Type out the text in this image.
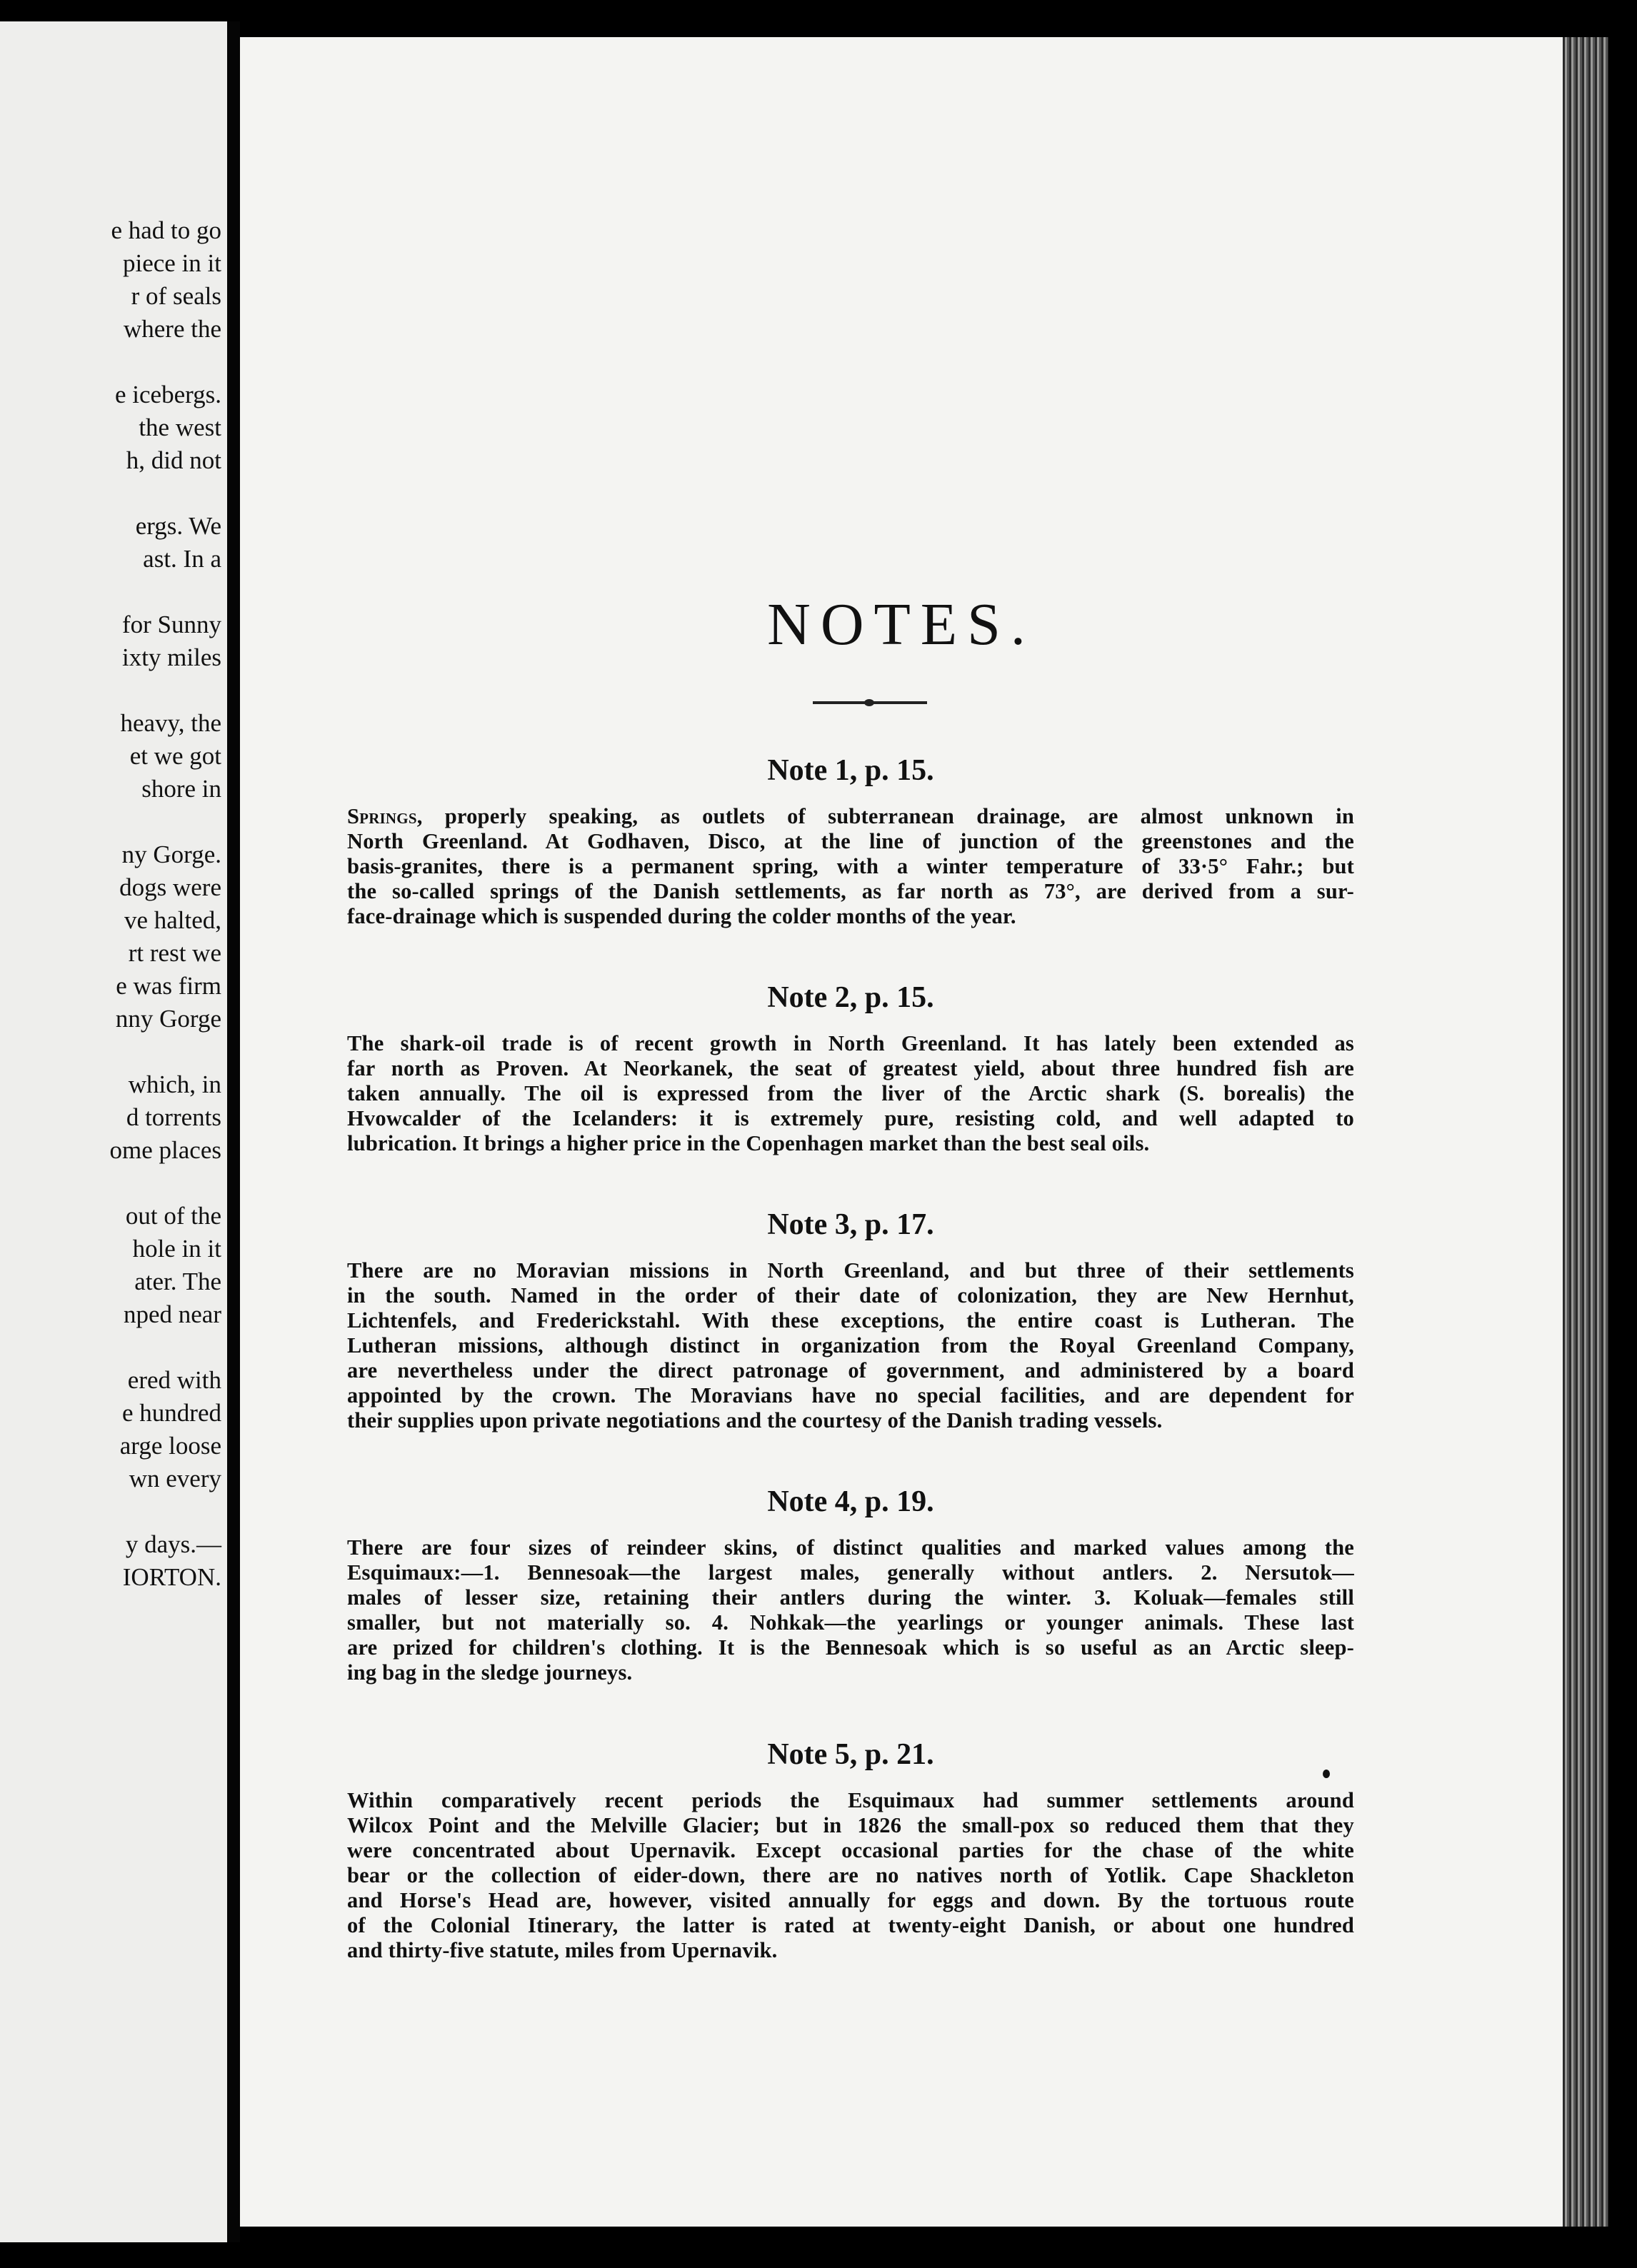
e had to go
piece in it
r of seals
where the
e icebergs.
the west
h, did not
ergs. We
ast. In a
for Sunny
ixty miles
heavy, the
et we got
shore in
ny Gorge.
dogs were
ve halted,
rt rest we
e was firm
nny Gorge
which, in
d torrents
ome places
out of the
hole in it
ater. The
nped near
ered with
e hundred
arge loose
wn every
y days.—
IORTON.
NOTES.
Note 1, p. 15.

Springs, properly speaking, as outlets of subterranean drainage, are almost unknown in
North Greenland. At Godhaven, Disco, at the line of junction of the greenstones and the
basis-granites, there is a permanent spring, with a winter temperature of 33·5° Fahr.; but
the so-called springs of the Danish settlements, as far north as 73°, are derived from a sur-
face-drainage which is suspended during the colder months of the year.

Note 2, p. 15.

The shark-oil trade is of recent growth in North Greenland. It has lately been extended as
far north as Proven. At Neorkanek, the seat of greatest yield, about three hundred fish are
taken annually. The oil is expressed from the liver of the Arctic shark (S. borealis) the
Hvowcalder of the Icelanders: it is extremely pure, resisting cold, and well adapted to
lubrication. It brings a higher price in the Copenhagen market than the best seal oils.

Note 3, p. 17.

There are no Moravian missions in North Greenland, and but three of their settlements
in the south. Named in the order of their date of colonization, they are New Hernhut,
Lichtenfels, and Frederickstahl. With these exceptions, the entire coast is Lutheran. The
Lutheran missions, although distinct in organization from the Royal Greenland Company,
are nevertheless under the direct patronage of government, and administered by a board
appointed by the crown. The Moravians have no special facilities, and are dependent for
their supplies upon private negotiations and the courtesy of the Danish trading vessels.

Note 4, p. 19.

There are four sizes of reindeer skins, of distinct qualities and marked values among the
Esquimaux:—1. Bennesoak—the largest males, generally without antlers. 2. Nersutok—
males of lesser size, retaining their antlers during the winter. 3. Koluak—females still
smaller, but not materially so. 4. Nohkak—the yearlings or younger animals. These last
are prized for children's clothing. It is the Bennesoak which is so useful as an Arctic sleep-
ing bag in the sledge journeys.

Note 5, p. 21.

Within comparatively recent periods the Esquimaux had summer settlements around
Wilcox Point and the Melville Glacier; but in 1826 the small-pox so reduced them that they
were concentrated about Upernavik. Except occasional parties for the chase of the white
bear or the collection of eider-down, there are no natives north of Yotlik. Cape Shackleton
and Horse's Head are, however, visited annually for eggs and down. By the tortuous route
of the Colonial Itinerary, the latter is rated at twenty-eight Danish, or about one hundred
and thirty-five statute, miles from Upernavik.
